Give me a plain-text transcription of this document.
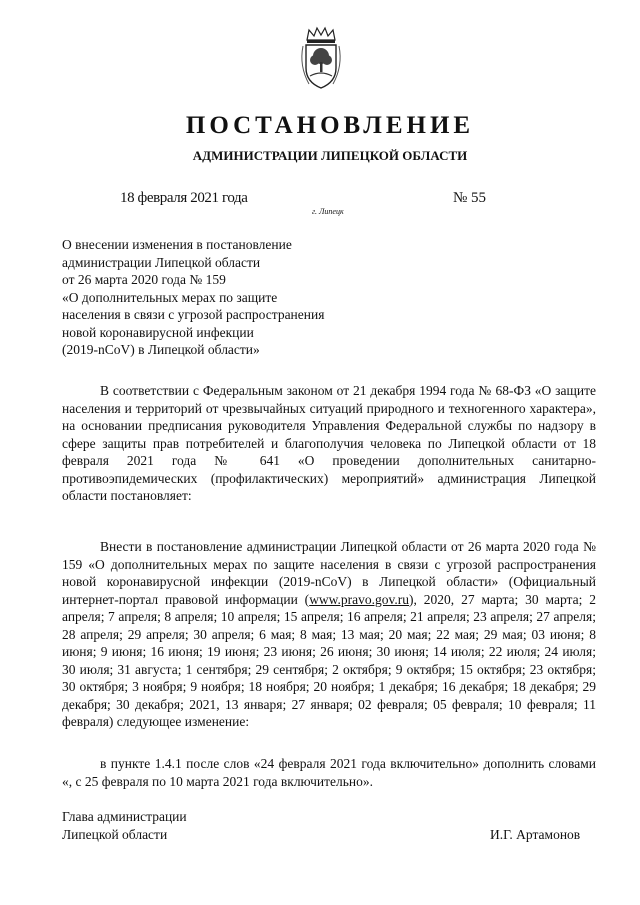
ПОСТАНОВЛЕНИЕ
АДМИНИСТРАЦИИ ЛИПЕЦКОЙ ОБЛАСТИ
18 февраля 2021 года
г. Липецк
№ 55
О внесении изменения в постановление
администрации Липецкой области
от 26 марта 2020 года № 159
«О дополнительных мерах по защите
населения в связи с угрозой распространения
новой коронавирусной инфекции
(2019-nCoV) в Липецкой области»
В соответствии с Федеральным законом от 21 декабря 1994 года № 68-ФЗ «О защите населения и территорий от чрезвычайных ситуаций природного и техногенного характера», на основании предписания руководителя Управления Федеральной службы по надзору в сфере защиты прав потребителей и благополучия человека по Липецкой области от 18 февраля 2021 года № 641 «О проведении дополнительных санитарно-противоэпидемических (профилактических) мероприятий» администрация Липецкой области постановляет:
Внести в постановление администрации Липецкой области от 26 марта 2020 года № 159 «О дополнительных мерах по защите населения в связи с угрозой распространения новой коронавирусной инфекции (2019-nCoV) в Липецкой области» (Официальный интернет-портал правовой информации (www.pravo.gov.ru), 2020, 27 марта; 30 марта; 2 апреля; 7 апреля; 8 апреля; 10 апреля; 15 апреля; 16 апреля; 21 апреля; 23 апреля; 27 апреля; 28 апреля; 29 апреля; 30 апреля; 6 мая; 8 мая; 13 мая; 20 мая; 22 мая; 29 мая; 03 июня; 8 июня; 9 июня; 16 июня; 19 июня; 23 июня; 26 июня; 30 июня; 14 июля; 22 июля; 24 июля; 30 июля; 31 августа; 1 сентября; 29 сентября; 2 октября; 9 октября; 15 октября; 23 октября; 30 октября; 3 ноября; 9 ноября; 18 ноября; 20 ноября; 1 декабря; 16 декабря; 18 декабря; 29 декабря; 30 декабря; 2021, 13 января; 27 января; 02 февраля; 05 февраля; 10 февраля; 11 февраля) следующее изменение:
в пункте 1.4.1 после слов «24 февраля 2021 года включительно» дополнить словами «, с 25 февраля по 10 марта 2021 года включительно».
Глава администрации
Липецкой области	И.Г. Артамонов
